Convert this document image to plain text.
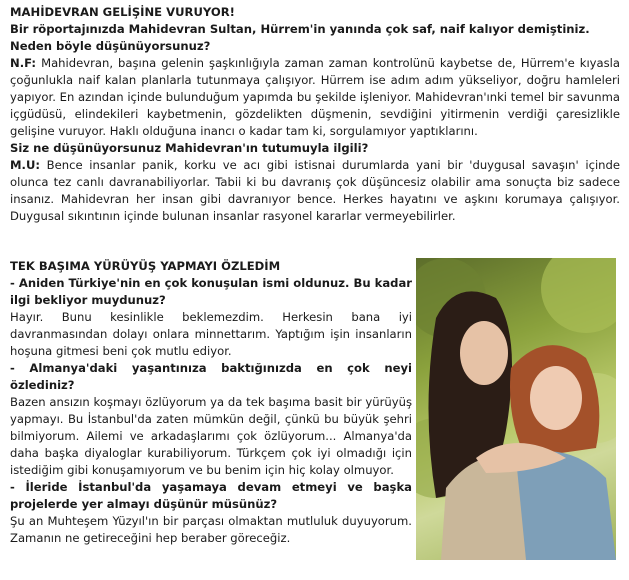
MAHİDEVRAN GELİŞİNE VURUYOR!

Bir röportajınızda Mahidevran Sultan, Hürrem'in yanında çok saf, naif kalıyor demiştiniz. Neden böyle düşünüyorsunuz?

N.F: Mahidevran, başına gelenin şaşkınlığıyla zaman zaman kontrolünü kaybetse de, Hürrem'e kıyasla çoğunlukla naif kalan planlarla tutunmaya çalışıyor. Hürrem ise adım adım yükseliyor, doğru hamleleri yapıyor. En azından içinde bulunduğum yapımda bu şekilde işleniyor. Mahidevran'ınki temel bir savunma içgüdüsü, elindekileri kaybetmenin, gözdelikten düşmenin, sevdiğini yitirmenin verdiği çaresizlikle gelişine vuruyor. Haklı olduğuna inancı o kadar tam ki, sorgulamıyor yaptıklarını.

Siz ne düşünüyorsunuz Mahidevran'ın tutumuyla ilgili?

M.U: Bence insanlar panik, korku ve acı gibi istisnai durumlarda yani bir 'duygusal savaşın' içinde olunca tez canlı davranabiliyorlar. Tabii ki bu davranış çok düşüncesiz olabilir ama sonuçta biz sadece insanız. Mahidevran her insan gibi davranıyor bence. Herkes hayatını ve aşkını korumaya çalışıyor. Duygusal sıkıntının içinde bulunan insanlar rasyonel kararlar vermeyebilirler.

TEK BAŞIMA YÜRÜYÜŞ YAPMAYI ÖZLEDİM

- Aniden Türkiye'nin en çok konuşulan ismi oldunuz. Bu kadar ilgi bekliyor muydunuz?

Hayır. Bunu kesinlikle beklemezdim. Herkesin bana iyi davranmasından dolayı onlara minnettarım. Yaptığım işin insanların hoşuna gitmesi beni çok mutlu ediyor.

- Almanya'daki yaşantınıza baktığınızda en çok neyi özlediniz?

Bazen ansızın koşmayı özlüyorum ya da tek başıma basit bir yürüyüş yapmayı. Bu İstanbul'da zaten mümkün değil, çünkü bu büyük şehri bilmiyorum. Ailemi ve arkadaşlarımı çok özlüyorum... Almanya'da daha başka diyaloglar kurabiliyorum. Türkçem çok iyi olmadığı için istediğim gibi konuşamıyorum ve bu benim için hiç kolay olmuyor.

- İleride İstanbul'da yaşamaya devam etmeyi ve başka projelerde yer almayı düşünür müsünüz?

Şu an Muhteşem Yüzyıl'ın bir parçası olmaktan mutluluk duyuyorum. Zamanın ne getireceğini hep beraber göreceğiz.
